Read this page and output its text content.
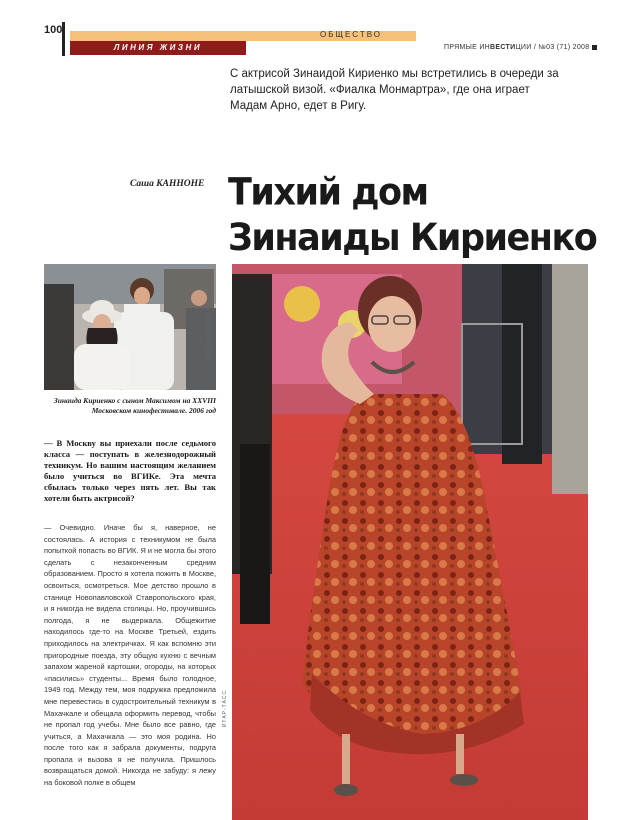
100	ОБЩЕСТВО
ЛИНИЯ ЖИЗНИ	ПРЯМЫЕ ИНВЕСТИЦИИ / №03 (71) 2008
С актрисой Зинаидой Кириенко мы встретились в очереди за латышской визой. «Фиалка Монмартра», где она играет Мадам Арно, едет в Ригу.
Саша КАННОНЕ Тихий дом
Зинаиды Кириенко
PHOTO.MYBEAU.RU
Зинаида Кириенко с сыном Максимом на XXVIII Московском кинофестивале. 2006 год
ИТАР-ТАСС
— В Москву вы приехали после седьмого класса — поступать в железнодорожный техникум. Но вашим настоящим желанием было учиться во ВГИКе. Эта мечта сбылась только через пять лет. Вы так хотели быть актрисой?
— Очевидно. Иначе бы я, наверное, не состоялась. А история с техникумом не была попыткой попасть во ВГИК. Я и не могла бы этого сделать с незаконченным средним образованием. Просто я хотела пожить в Москве, освоиться, осмотреться. Мое детство прошло в станице Новопавловской Ставропольского края, и я никогда не видела столицы. Но, проучившись полгода, я не выдержала. Общежитие находилось где-то на Москве Третьей, ездить приходилось на электричках. Я как вспомню эти пригородные поезда, эту общую кухню с вечным запахом жареной картошки, огороды, на которых «пасились» студенты... Время было голодное, 1949 год. Между тем, моя подружка предложила мне перевестись в судостроительный техникум в Махачкале и обещала оформить перевод, чтобы не пропал год учебы. Мне было все равно, где учиться, а Махачкала — это моя родина. Но после того как я забрала документы, подруга пропала и вызова я не получила. Пришлось возвращаться домой. Никогда не забуду: я лежу на боковой полке в общем
